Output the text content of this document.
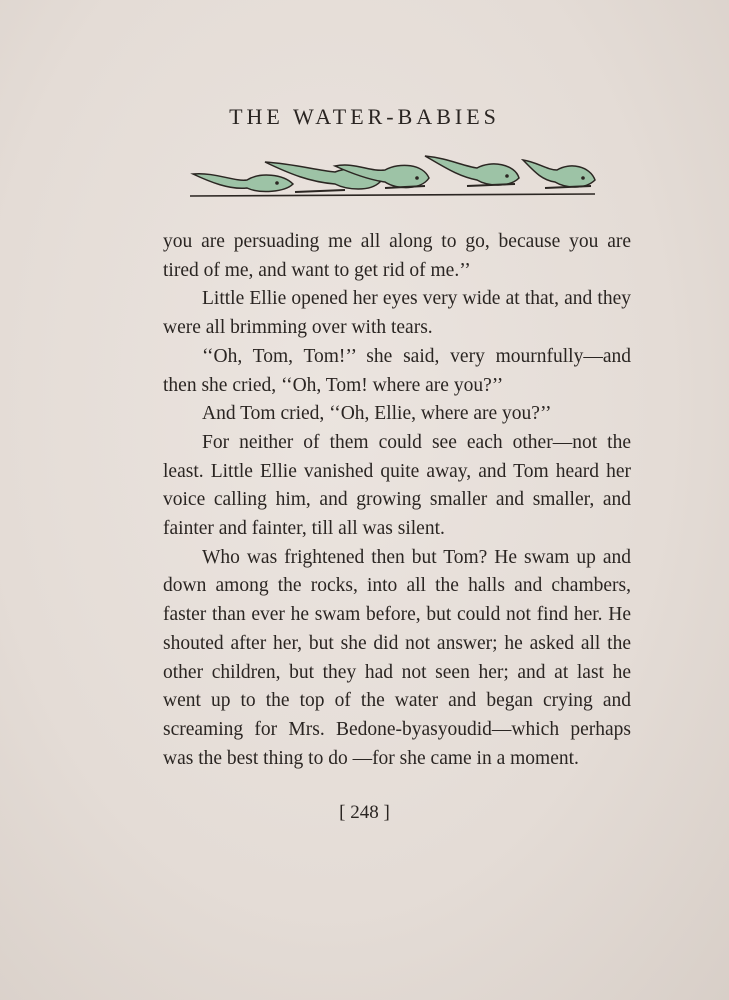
THE WATER-BABIES

you are persuading me all along to go, because you are tired of me, and want to get rid of me.’’

Little Ellie opened her eyes very wide at that, and they were all brimming over with tears.

‘‘Oh, Tom, Tom!’’ she said, very mournfully—and then she cried, ‘‘Oh, Tom! where are you?’’

And Tom cried, ‘‘Oh, Ellie, where are you?’’

For neither of them could see each other—not the least. Little Ellie vanished quite away, and Tom heard her voice calling him, and growing smaller and smaller, and fainter and fainter, till all was silent.

Who was frightened then but Tom? He swam up and down among the rocks, into all the halls and chambers, faster than ever he swam before, but could not find her. He shouted after her, but she did not answer; he asked all the other children, but they had not seen her; and at last he went up to the top of the water and began crying and screaming for Mrs. Bedone-byasyoudid—which perhaps was the best thing to do —for she came in a moment.

[ 248 ]
